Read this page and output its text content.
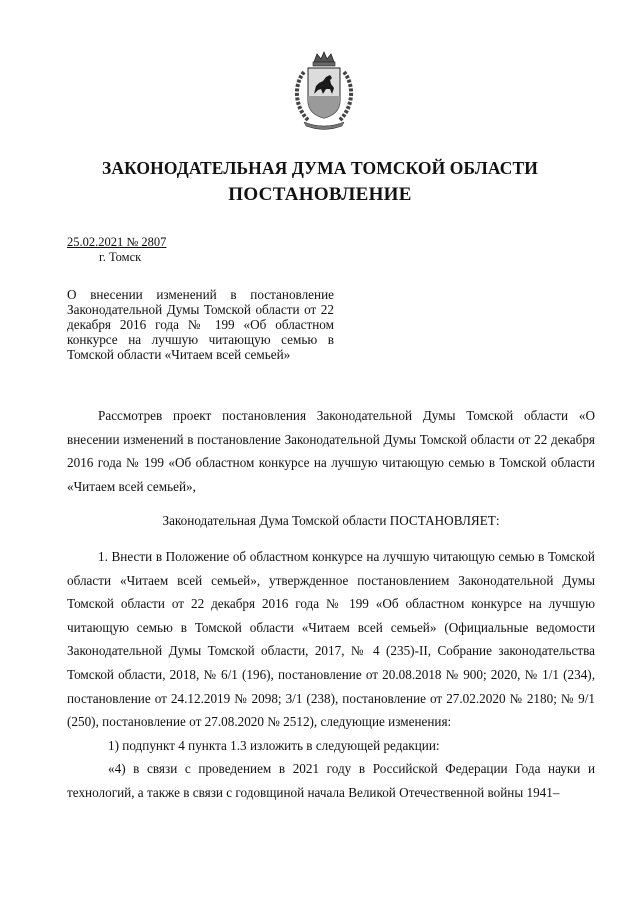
ЗАКОНОДАТЕЛЬНАЯ ДУМА ТОМСКОЙ ОБЛАСТИ
ПОСТАНОВЛЕНИЕ
25.02.2021 № 2807
г. Томск
О внесении изменений в постановление Законодательной Думы Томской области от 22 декабря 2016 года № 199 «Об областном конкурсе на лучшую читающую семью в Томской области «Читаем всей семьей»

Рассмотрев проект постановления Законодательной Думы Томской области «О внесении изменений в постановление Законодательной Думы Томской области от 22 декабря 2016 года № 199 «Об областном конкурсе на лучшую читающую семью в Томской области «Читаем всей семьей»,

Законодательная Дума Томской области ПОСТАНОВЛЯЕТ:

1. Внести в Положение об областном конкурсе на лучшую читающую семью в Томской области «Читаем всей семьей», утвержденное постановлением Законодательной Думы Томской области от 22 декабря 2016 года № 199 «Об областном конкурсе на лучшую читающую семью в Томской области «Читаем всей семьей» (Официальные ведомости Законодательной Думы Томской области, 2017, № 4 (235)-II, Собрание законодательства Томской области, 2018, № 6/1 (196), постановление от 20.08.2018 № 900; 2020, № 1/1 (234), постановление от 24.12.2019 № 2098; 3/1 (238), постановление от 27.02.2020 № 2180; № 9/1 (250), постановление от 27.08.2020 № 2512), следующие изменения:

1) подпункт 4 пункта 1.3 изложить в следующей редакции:

«4) в связи с проведением в 2021 году в Российской Федерации Года науки и технологий, а также в связи с годовщиной начала Великой Отечественной войны 1941–
